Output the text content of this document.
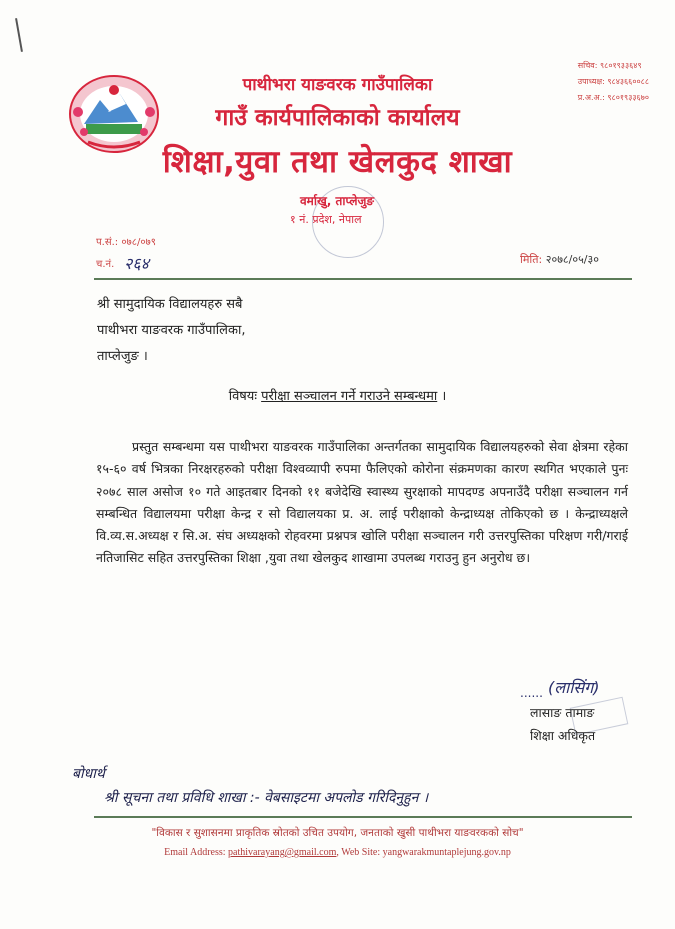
पाथीभरा याङवरक गाउँपालिका
गाउँ कार्यपालिकाको कार्यालय
शिक्षा,युवा तथा खेलकुद शाखा
वर्माखु, ताप्लेजुङ
१ नं. प्रदेश, नेपाल
सचिव: ९८०१९३३६४९
उपाध्यक्ष: ९८४३६६००८८
प्र.अ.अ.: ९८०१९३३६७०
प.सं.: ०७८/०७९
च.नं. २६४	मिति: २०७८/०५/३०
श्री सामुदायिक विद्यालयहरु सबै
पाथीभरा याङवरक गाउँपालिका,
ताप्लेजुङ ।
विषयः परीक्षा सञ्चालन गर्ने गराउने सम्बन्धमा ।
प्रस्तुत सम्बन्धमा यस पाथीभरा याङवरक गाउँपालिका अन्तर्गतका सामुदायिक विद्यालयहरुको सेवा क्षेत्रमा रहेका १५-६० वर्ष भित्रका निरक्षरहरुको परीक्षा विश्वव्यापी रुपमा फैलिएको कोरोना संक्रमणका कारण स्थगित भएकाले पुनः २०७८ साल असोज १० गते आइतबार दिनको ११ बजेदेखि स्वास्थ्य सुरक्षाको मापदण्ड अपनाउँदै परीक्षा सञ्चालन गर्न सम्बन्धित विद्यालयमा परीक्षा केन्द्र र सो विद्यालयका प्र. अ. लाई परीक्षाको केन्द्राध्यक्ष तोकिएको छ । केन्द्राध्यक्षले वि.व्य.स.अध्यक्ष र सि.अ. संघ अध्यक्षको रोहवरमा प्रश्नपत्र खोलि परीक्षा सञ्चालन गरी उत्तरपुस्तिका परिक्षण गरी/गराई नतिजासिट सहित उत्तरपुस्तिका शिक्षा ,युवा तथा खेलकुद शाखामा उपलब्ध गराउनु हुन अनुरोध छ।
...... (लासिंग)
लासाङ तामाङ
शिक्षा अधिकृत
बोधार्थ
श्री सूचना तथा प्रविधि शाखा :- वेबसाइटमा अपलोड गरिदिनुहुन ।
"विकास र सुशासनमा प्राकृतिक स्रोतको उचित उपयोग, जनताको खुसी पाथीभरा याङवरकको सोच"
Email Address: pathivarayang@gmail.com, Web Site: yangwarakmuntaplejung.gov.np
